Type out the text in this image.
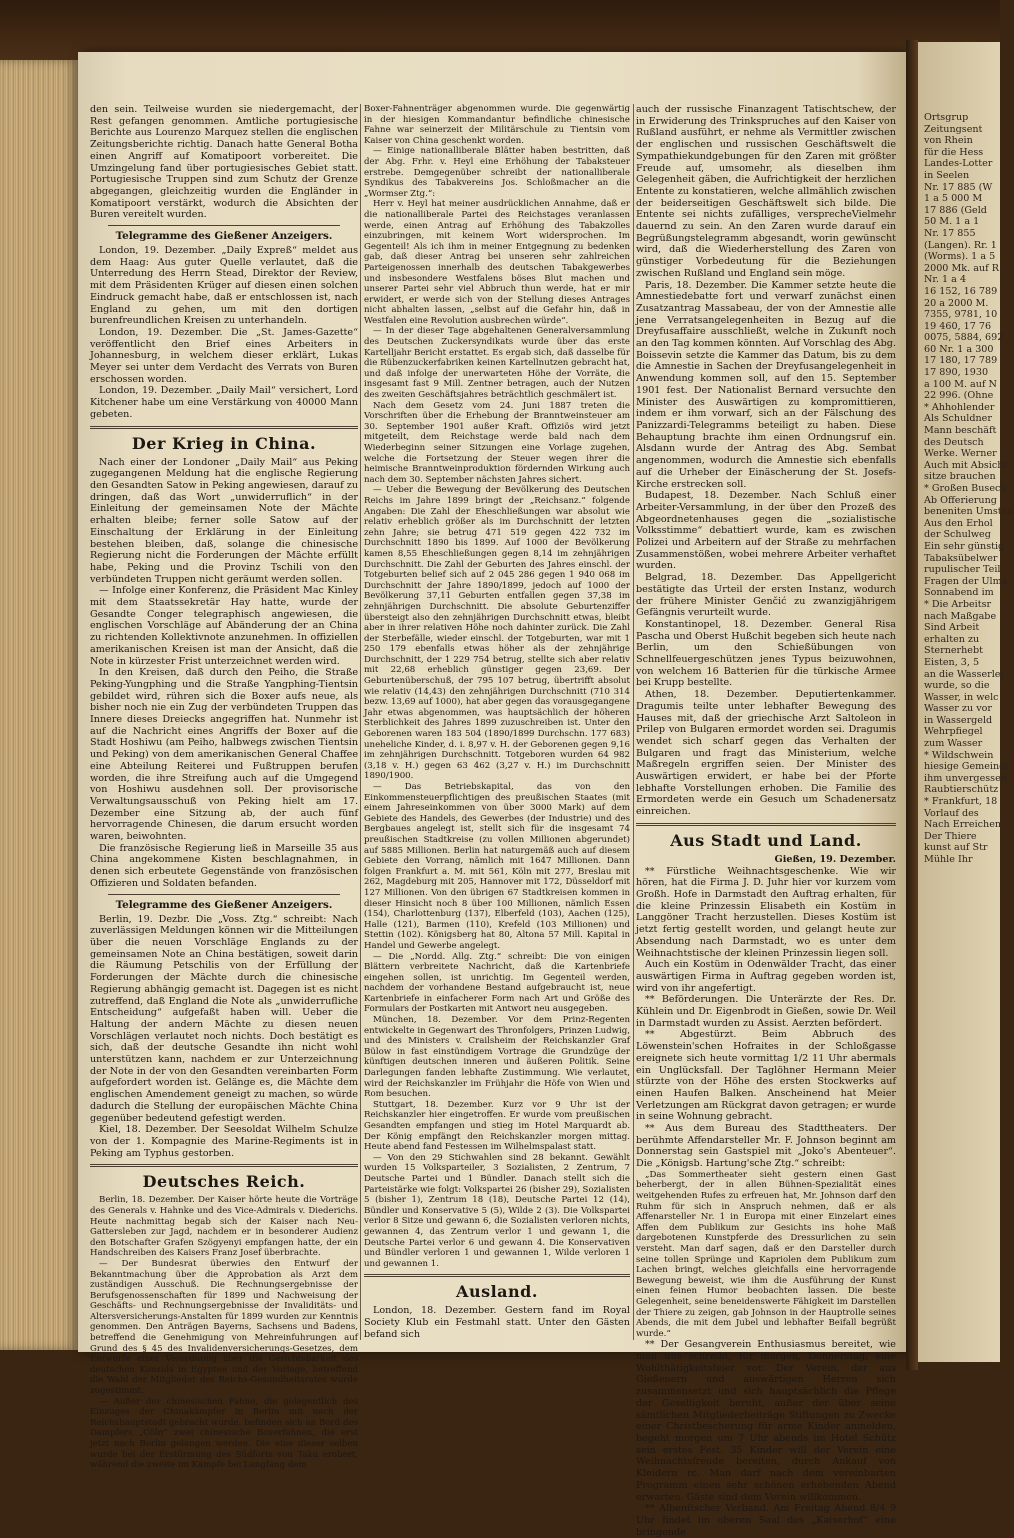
den sein. Teilweise wurden sie niedergemacht, der Rest gefangen genommen. Amtliche portugiesische Berichte aus Lourenzo Marquez stellen die englischen Zeitungsberichte richtig. Danach hatte General Botha einen Angriff auf Komatipoort vorbereitet. Die Umzingelung fand über portugiesisches Gebiet statt. Portugiesische Truppen sind zum Schutz der Grenze abgegangen, gleichzeitig wurden die Engländer in Komatipoort verstärkt, wodurch die Absichten der Buren vereitelt wurden.

Telegramme des Gießener Anzeigers.

London, 19. Dezember. „Daily Expreß“ meldet aus dem Haag: Aus guter Quelle verlautet, daß die Unterredung des Herrn Stead, Direktor der Review, mit dem Präsidenten Krüger auf diesen einen solchen Eindruck gemacht habe, daß er entschlossen ist, nach England zu gehen, um mit den dortigen burenfreundlichen Kreisen zu unterhandeln.

London, 19. Dezember. Die „St. James-Gazette“ veröffentlicht den Brief eines Arbeiters in Johannesburg, in welchem dieser erklärt, Lukas Meyer sei unter dem Verdacht des Verrats von Buren erschossen worden.

London, 19. Dezember. „Daily Mail“ versichert, Lord Kitchener habe um eine Verstärkung von 40000 Mann gebeten.

Der Krieg in China.

Nach einer der Londoner „Daily Mail“ aus Peking zugegangenen Meldung hat die englische Regierung den Gesandten Satow in Peking angewiesen, darauf zu dringen, daß das Wort „unwiderruflich“ in der Einleitung der gemeinsamen Note der Mächte erhalten bleibe; ferner solle Satow auf der Einschaltung der Erklärung in der Einleitung bestehen bleiben, daß, solange die chinesische Regierung nicht die Forderungen der Mächte erfüllt habe, Peking und die Provinz Tschili von den verbündeten Truppen nicht geräumt werden sollen.

— Infolge einer Konferenz, die Präsident Mac Kinley mit dem Staatssekretär Hay hatte, wurde der Gesandte Conger telegraphisch angewiesen, die englischen Vorschläge auf Abänderung der an China zu richtenden Kollektivnote anzunehmen. In offiziellen amerikanischen Kreisen ist man der Ansicht, daß die Note in kürzester Frist unterzeichnet werden wird.

In den Kreisen, daß durch den Peiho, die Straße Peking-Yungphing und die Straße Yangphing-Tientsin gebildet wird, rühren sich die Boxer aufs neue, als bisher noch nie ein Zug der verbündeten Truppen das Innere dieses Dreiecks angegriffen hat. Nunmehr ist auf die Nachricht eines Angriffs der Boxer auf die Stadt Hoshiwu (am Peiho, halbwegs zwischen Tientsin und Peking) von dem amerikanischen General Chaffee eine Abteilung Reiterei und Fußtruppen berufen worden, die ihre Streifung auch auf die Umgegend von Hoshiwu ausdehnen soll. Der provisorische Verwaltungsausschuß von Peking hielt am 17. Dezember eine Sitzung ab, der auch fünf hervorragende Chinesen, die darum ersucht worden waren, beiwohnten.

Die französische Regierung ließ in Marseille 35 aus China angekommene Kisten beschlagnahmen, in denen sich erbeutete Gegenstände von französischen Offizieren und Soldaten befanden.

Telegramme des Gießener Anzeigers.

Berlin, 19. Dezbr. Die „Voss. Ztg.“ schreibt: Nach zuverlässigen Meldungen können wir die Mitteilungen über die neuen Vorschläge Englands zu der gemeinsamen Note an China bestätigen, soweit darin die Räumung Petschilis von der Erfüllung der Forderungen der Mächte durch die chinesische Regierung abhängig gemacht ist. Dagegen ist es nicht zutreffend, daß England die Note als „unwiderrufliche Entscheidung“ aufgefaßt haben will. Ueber die Haltung der andern Mächte zu diesen neuen Vorschlägen verlautet noch nichts. Doch bestätigt es sich, daß der deutsche Gesandte ihn nicht wohl unterstützen kann, nachdem er zur Unterzeichnung der Note in der von den Gesandten vereinbarten Form aufgefordert worden ist. Gelänge es, die Mächte dem englischen Amendement geneigt zu machen, so würde dadurch die Stellung der europäischen Mächte China gegenüber bedeutend gefestigt werden.

Kiel, 18. Dezember. Der Seesoldat Wilhelm Schulze von der 1. Kompagnie des Marine-Regiments ist in Peking am Typhus gestorben.

Deutsches Reich.

Berlin, 18. Dezember. Der Kaiser hörte heute die Vorträge des Generals v. Hahnke und des Vice-Admirals v. Diederichs. Heute nachmittag begab sich der Kaiser nach Neu-Gattersleben zur Jagd, nachdem er in besonderer Audienz den Botschafter Grafen Szögyenyi empfangen hatte, der ein Handschreiben des Kaisers Franz Josef überbrachte.

— Der Bundesrat überwies den Entwurf der Bekanntmachung über die Approbation als Arzt dem zuständigen Ausschuß. Die Rechnungsergebnisse der Berufsgenossenschaften für 1899 und Nachweisung der Geschäfts- und Rechnungsergebnisse der Invaliditäts- und Altersversicherungs-Anstalten für 1899 wurden zur Kenntnis genommen. Den Anträgen Bayerns, Sachsens und Badens, betreffend die Genehmigung von Mehreinfuhrungen auf Grund des § 45 des Invalidenversicherungs-Gesetzes, dem Entwurfe einer Verordnung über die Gerichtsbarkeit des deutschen Konsuls in Egypten und der Vorlage, betreffend die Wahl der Mitglieder des Reichs-Gesundheitsrates wurde zugestimmt.

— Außer der chinesischen Fahne, die gelegentlich des Einzuges der Chinakämpfer in Berlin mit nach der Reichshauptstadt gebracht wurde, befinden sich an Bord des Dampfers „Cöln“ zwei chinesische Boxerfahnen, die erst jetzt nach Berlin gelangen werden. Die eine dieser selben wurde bei der Erstürmung des Südforts von Taku erobert, während die zweite im Kampfe bei Langfang dem

Boxer-Fahnenträger abgenommen wurde. Die gegenwärtig in der hiesigen Kommandantur befindliche chinesische Fahne war seinerzeit der Militärschule zu Tientsin vom Kaiser von China geschenkt worden.

— Einige nationalliberale Blätter haben bestritten, daß der Abg. Frhr. v. Heyl eine Erhöhung der Tabaksteuer erstrebe. Demgegenüber schreibt der nationalliberale Syndikus des Tabakvereins Jos. Schloßmacher an die „Wormser Ztg.“:

Herr v. Heyl hat meiner ausdrücklichen Annahme, daß er die nationalliberale Partei des Reichstages veranlassen werde, einen Antrag auf Erhöhung des Tabakzolles einzubringen, mit keinem Wort widersprochen. Im Gegenteil! Als ich ihm in meiner Entgegnung zu bedenken gab, daß dieser Antrag bei unseren sehr zahlreichen Parteigenossen innerhalb des deutschen Tabakgewerbes und insbesondere Westfalens böses Blut machen und unserer Partei sehr viel Abbruch thun werde, hat er mir erwidert, er werde sich von der Stellung dieses Antrages nicht abhalten lassen, „selbst auf die Gefahr hin, daß in Westfalen eine Revolution ausbrechen würde“.

— In der dieser Tage abgehaltenen Generalversammlung des Deutschen Zuckersyndikats wurde über das erste Kartelljahr Bericht erstattet. Es ergab sich, daß dasselbe für die Rübenzuckerfabriken keinen Kartellnutzen gebracht hat, und daß infolge der unerwarteten Höhe der Vorräte, die insgesamt fast 9 Mill. Zentner betragen, auch der Nutzen des zweiten Geschäftsjahres beträchtlich geschmälert ist.

Nach dem Gesetz vom 24. Juni 1887 treten die Vorschriften über die Erhebung der Branntweinsteuer am 30. September 1901 außer Kraft. Offiziös wird jetzt mitgeteilt, dem Reichstage werde bald nach dem Wiederbeginn seiner Sitzungen eine Vorlage zugehen, welche die Fortsetzung der Steuer wegen ihrer die heimische Branntweinproduktion fördernden Wirkung auch nach dem 30. September nächsten Jahres sichert.

— Ueber die Bewegung der Bevölkerung des Deutschen Reichs im Jahre 1899 bringt der „Reichsanz.“ folgende Angaben: Die Zahl der Eheschließungen war absolut wie relativ erheblich größer als im Durchschnitt der letzten zehn Jahre; sie betrug 471 519 gegen 422 732 im Durchschnitt 1890 bis 1899. Auf 1000 der Bevölkerung kamen 8,55 Eheschließungen gegen 8,14 im zehnjährigen Durchschnitt. Die Zahl der Geburten des Jahres einschl. der Totgeburten belief sich auf 2 045 286 gegen 1 940 068 im Durchschnitt der Jahre 1890/1899, jedoch auf 1000 der Bevölkerung 37,11 Geburten entfallen gegen 37,38 im zehnjährigen Durchschnitt. Die absolute Geburtenziffer übersteigt also den zehnjährigen Durchschnitt etwas, bleibt aber in ihrer relativen Höhe noch dahinter zurück. Die Zahl der Sterbefälle, wieder einschl. der Totgeburten, war mit 1 250 179 ebenfalls etwas höher als der zehnjährige Durchschnitt, der 1 229 754 betrug, stellte sich aber relativ mit 22,68 erheblich günstiger gegen 23,69. Der Geburtenüberschuß, der 795 107 betrug, übertrifft absolut wie relativ (14,43) den zehnjährigen Durchschnitt (710 314 bezw. 13,69 auf 1000), hat aber gegen das vorausgegangene Jahr etwas abgenommen, was hauptsächlich der höheren Sterblichkeit des Jahres 1899 zuzuschreiben ist. Unter den Geborenen waren 183 504 (1890/1899 Durchschn. 177 683) uneheliche Kinder, d. i. 8,97 v. H. der Geborenen gegen 9,16 im zehnjährigen Durchschnitt. Totgeboren wurden 64 982 (3,18 v. H.) gegen 63 462 (3,27 v. H.) im Durchschnitt 1890/1900.

— Das Betriebskapital, das von den Einkommensteuerpflichtigen des preußischen Staates (mit einem Jahreseinkommen von über 3000 Mark) auf dem Gebiete des Handels, des Gewerbes (der Industrie) und des Bergbaues angelegt ist, stellt sich für die insgesamt 74 preußischen Stadtkreise (zu vollen Millionen abgerundet) auf 5885 Millionen. Berlin hat naturgemäß auch auf diesem Gebiete den Vorrang, nämlich mit 1647 Millionen. Dann folgen Frankfurt a. M. mit 561, Köln mit 277, Breslau mit 262, Magdeburg mit 205, Hannover mit 172, Düsseldorf mit 127 Millionen. Von den übrigen 67 Stadtkreisen kommen in dieser Hinsicht noch 8 über 100 Millionen, nämlich Essen (154), Charlottenburg (137), Elberfeld (103), Aachen (125), Halle (121), Barmen (110), Krefeld (103 Millionen) und Stettin (102). Königsberg hat 80, Altona 57 Mill. Kapital in Handel und Gewerbe angelegt.

— Die „Nordd. Allg. Ztg.“ schreibt: Die von einigen Blättern verbreitete Nachricht, daß die Kartenbriefe eingehen sollen, ist unrichtig. Im Gegenteil werden, nachdem der vorhandene Bestand aufgebraucht ist, neue Kartenbriefe in einfacherer Form nach Art und Größe des Formulars der Postkarten mit Antwort neu ausgegeben.

München, 18. Dezember. Vor dem Prinz-Regenten entwickelte in Gegenwart des Thronfolgers, Prinzen Ludwig, und des Ministers v. Crailsheim der Reichskanzler Graf Bülow in fast einstündigem Vortrage die Grundzüge der künftigen deutschen inneren und äußeren Politik. Seine Darlegungen fanden lebhafte Zustimmung. Wie verlautet, wird der Reichskanzler im Frühjahr die Höfe von Wien und Rom besuchen.

Stuttgart, 18. Dezember. Kurz vor 9 Uhr ist der Reichskanzler hier eingetroffen. Er wurde vom preußischen Gesandten empfangen und stieg im Hotel Marquardt ab. Der König empfängt den Reichskanzler morgen mittag. Heute abend fand Festessen im Wilhelmspalast statt.

— Von den 29 Stichwahlen sind 28 bekannt. Gewählt wurden 15 Volksparteiler, 3 Sozialisten, 2 Zentrum, 7 Deutsche Partei und 1 Bündler. Danach stellt sich die Parteistärke wie folgt: Volkspartei 26 (bisher 29), Sozialisten 5 (bisher 1), Zentrum 18 (18), Deutsche Partei 12 (14), Bündler und Konservative 5 (5), Wilde 2 (3). Die Volkspartei verlor 8 Sitze und gewann 6, die Sozialisten verloren nichts, gewannen 4, das Zentrum verlor 1 und gewann 1, die Deutsche Partei verlor 6 und gewann 4. Die Konservativen und Bündler verloren 1 und gewannen 1, Wilde verloren 1 und gewannen 1.

Ausland.

London, 18. Dezember. Gestern fand im Royal Society Klub ein Festmahl statt. Unter den Gästen befand sich

auch der russische Finanzagent Tatischtschew, der in Erwiderung des Trinkspruches auf den Kaiser von Rußland ausführt, er nehme als Vermittler zwischen der englischen und russischen Geschäftswelt die Sympathiekundgebungen für den Zaren mit größter Freude auf, umsomehr, als dieselben ihm Gelegenheit gäben, die Aufrichtigkeit der herzlichen Entente zu konstatieren, welche allmählich zwischen der beiderseitigen Geschäftswelt sich bilde. Die Entente sei nichts zufälliges, versprecheVielmehr dauernd zu sein. An den Zaren wurde darauf ein Begrüßungstelegramm abgesandt, worin gewünscht wird, daß die Wiederherstellung des Zaren von günstiger Vorbedeutung für die Beziehungen zwischen Rußland und England sein möge.

Paris, 18. Dezember. Die Kammer setzte heute die Amnestiedebatte fort und verwarf zunächst einen Zusatzantrag Massabeau, der von der Amnestie alle jene Verratsangelegenheiten in Bezug auf die Dreyfusaffaire ausschließt, welche in Zukunft noch an den Tag kommen könnten. Auf Vorschlag des Abg. Boissevin setzte die Kammer das Datum, bis zu dem die Amnestie in Sachen der Dreyfusangelegenheit in Anwendung kommen soll, auf den 15. September 1901 fest. Der Nationalist Bernard versuchte den Minister des Auswärtigen zu kompromittieren, indem er ihm vorwarf, sich an der Fälschung des Panizzardi-Telegramms beteiligt zu haben. Diese Behauptung brachte ihm einen Ordnungsruf ein. Alsdann wurde der Antrag des Abg. Sembat angenommen, wodurch die Amnestie sich ebenfalls auf die Urheber der Einäscherung der St. Josefs-Kirche erstrecken soll.

Budapest, 18. Dezember. Nach Schluß einer Arbeiter-Versammlung, in der über den Prozeß des Abgeordnetenhauses gegen die „sozialistische Volksstimme“ debattiert wurde, kam es zwischen Polizei und Arbeitern auf der Straße zu mehrfachen Zusammenstößen, wobei mehrere Arbeiter verhaftet wurden.

Belgrad, 18. Dezember. Das Appellgericht bestätigte das Urteil der ersten Instanz, wodurch der frühere Minister Genčić zu zwanzigjährigem Gefängnis verurteilt wurde.

Konstantinopel, 18. Dezember. General Risa Pascha und Oberst Hußchit begeben sich heute nach Berlin, um den Schießübungen von Schnellfeuergeschützen jenes Typus beizuwohnen, von welchem 16 Batterien für die türkische Armee bei Krupp bestellte.

Athen, 18. Dezember. Deputiertenkammer. Dragumis teilte unter lebhafter Bewegung des Hauses mit, daß der griechische Arzt Saltoleon in Prilep von Bulgaren ermordet worden sei. Dragumis wendet sich scharf gegen das Verhalten der Bulgaren und fragt das Ministerium, welche Maßregeln ergriffen seien. Der Minister des Auswärtigen erwidert, er habe bei der Pforte lebhafte Vorstellungen erhoben. Die Familie des Ermordeten werde ein Gesuch um Schadenersatz einreichen.

Aus Stadt und Land.
Gießen, 19. Dezember.

** Fürstliche Weihnachtsgeschenke. Wie wir hören, hat die Firma J. D. Juhr hier vor kurzem vom Großh. Hofe in Darmstadt den Auftrag erhalten, für die kleine Prinzessin Elisabeth ein Kostüm in Langgöner Tracht herzustellen. Dieses Kostüm ist jetzt fertig gestellt worden, und gelangt heute zur Absendung nach Darmstadt, wo es unter dem Weihnachtstische der kleinen Prinzessin liegen soll.

Auch ein Kostüm in Odenwälder Tracht, das einer auswärtigen Firma in Auftrag gegeben worden ist, wird von ihr angefertigt.

** Beförderungen. Die Unterärzte der Res. Dr. Kühlein und Dr. Eigenbrodt in Gießen, sowie Dr. Weil in Darmstadt wurden zu Assist. Aerzten befördert.

** Abgestürzt. Beim Abbruch des Löwenstein'schen Hofraites in der Schloßgasse ereignete sich heute vormittag 1/2 11 Uhr abermals ein Unglücksfall. Der Taglöhner Hermann Meier stürzte von der Höhe des ersten Stockwerks auf einen Haufen Balken. Anscheinend hat Meier Verletzungen am Rückgrat davon getragen; er wurde in seine Wohnung gebracht.

** Aus dem Bureau des Stadttheaters. Der berühmte Affendarsteller Mr. F. Johnson beginnt am Donnerstag sein Gastspiel mit „Joko's Abenteuer“. Die „Königsb. Hartung'sche Ztg.“ schreibt:

„Das Sommertheater sieht gestern einen Gast beherbergt, der in allen Bühnen-Spezialität eines weitgehenden Rufes zu erfreuen hat, Mr. Johnson darf den Ruhm für sich in Anspruch nehmen, daß er als Affenarsteller Nr. 1 in Europa mit einer Einzelart eines Affen dem Publikum zur Gesichts ins hohe Maß dargebotenen Kunstpferde des Dressurlichen zu sein versteht. Man darf sagen, daß er den Darsteller durch seine tollen Sprünge und Kapriolen dem Publikum zum Lachen bringt, welches gleichfalls eine hervorragende Bewegung beweist, wie ihm die Ausführung der Kunst einen feinen Humor beobachten lassen. Die beste Gelegenheit, seine beneidenswerte Fähigkeit im Darstellen der Thiere zu zeigen, gab Johnson in der Hauptrolle seines Abends, die mit dem Jubel und lebhafter Beifall begrüßt wurde.“

** Der Gesangverein Enthusiasmus bereitet, wie man uns schreibt, für morgen, Donnerstag, eine Wohlthätigkeitsfeier vor. Der Verein, der aus Gießenern und auswärtigen Herren sich zusammensetzt und sich hauptsächlich die Pflege der Geselligkeit beruht, außer der über seine sämtlichen Mitgliederbeiträge Stiftungen zu Zwecke einer Christbescherung für arme Kinder anmelden, begeht morgen um 7 Uhr abends im Hotel Schütz sein erstes Fest. 35 Kinder will der Verein eine Weihnachtsfreude bereiten, durch Ankauf von Kleidern rc. Man darf nach dem vereinbarten Programm einen sehr schönen erhebenden Abend erwarten. Gäste sind dem Verein willkommen.

** Albenitscher Verband. Am Freitag Abend 8/4 9 Uhr findet im oberen Saal des „Kaiserhof“ eine bringende

Ortsgrup
Zeitungsent
von Rhein
für die Hess
Landes-Lotter
in Seelen
Nr. 17 885 (W
1 a 5 000 M
17 886 (Geld
50 M. 1 a 1
Nr. 17 855
(Langen). Rr. 1
(Worms). 1 a 5
2000 Mk. auf R
Nr. 1 a 4
16 152, 16 789
20 a 2000 M.
7355, 9781, 10
19 460, 17 76
0075, 5884, 692
60 Nr. 1 a 300
17 180, 17 789
17 890, 1930
a 100 M. auf N
22 996. (Ohne
* Ahhohlender
Als Schuldner
Mann beschäft
des Deutsch
Werke. Werner
Auch mit Absicht
sitze brauchen
* Großen Buseck
Ab Offerierung
beneniten Umstan
Aus den Erhol
der Schulweg
Ein sehr günstig
Tabaksübelwer
rupulischer Teil
Fragen der Ulma
Sonnabend im
* Die Arbeitsr
nach Maßgabe
Sind Arbeit
erhalten zu
Sternerhebt
Eisten, 3, 5
an die Wasserlei
wurde, so die
Wasser, in welc
Wasser zu vor
in Wassergeld
Wehrpfiegel
zum Wasser
* Wildschwein
hiesige Gemeinde
ihm unvergessen
Raubtierschütz
* Frankfurt, 18
Vorlauf des
Nach Erreichen
Der Thiere
kunst auf Str
Mühle Ihr
